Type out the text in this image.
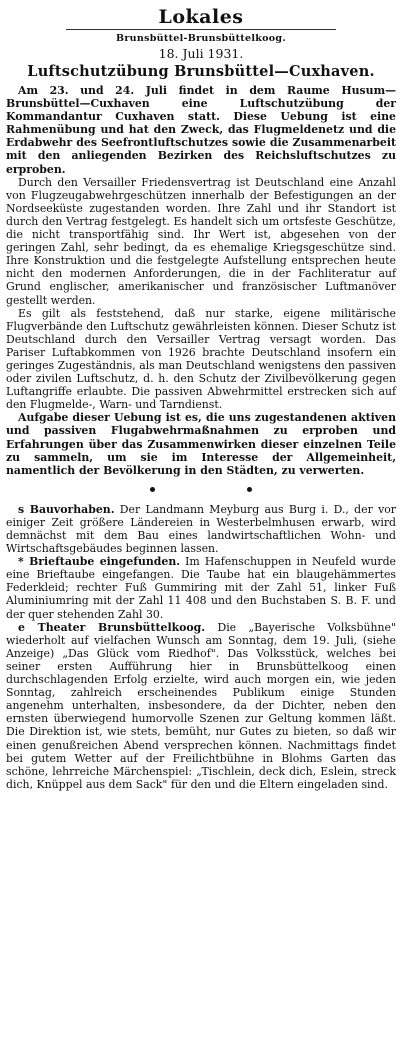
Lokales
Brunsbüttel-Brunsbüttelkoog.
18. Juli 1931.
Luftschutzübung Brunsbüttel—Cuxhaven.

Am 23. und 24. Juli findet in dem Raume Husum—Brunsbüttel—Cuxhaven eine Luftschutzübung der Kommandantur Cuxhaven statt. Diese Uebung ist eine Rahmenübung und hat den Zweck, das Flugmeldenetz und die Erdabwehr des Seefrontluftschutzes sowie die Zusammenarbeit mit den anliegenden Bezirken des Reichsluftschutzes zu erproben.

Durch den Versailler Friedensvertrag ist Deutschland eine Anzahl von Flugzeugabwehrgeschützen innerhalb der Befestigungen an der Nordseeküste zugestanden worden. Ihre Zahl und ihr Standort ist durch den Vertrag festgelegt. Es handelt sich um ortsfeste Geschütze, die nicht transportfähig sind. Ihr Wert ist, abgesehen von der geringen Zahl, sehr bedingt, da es ehemalige Kriegsgeschütze sind. Ihre Konstruktion und die festgelegte Aufstellung entsprechen heute nicht den modernen Anforderungen, die in der Fachliteratur auf Grund englischer, amerikanischer und französischer Luftmanöver gestellt werden.

Es gilt als feststehend, daß nur starke, eigene militärische Flugverbände den Luftschutz gewährleisten können. Dieser Schutz ist Deutschland durch den Versailler Vertrag versagt worden. Das Pariser Luftabkommen von 1926 brachte Deutschland insofern ein geringes Zugeständnis, als man Deutschland wenigstens den passiven oder zivilen Luftschutz, d. h. den Schutz der Zivilbevölkerung gegen Luftangriffe erlaubte. Die passiven Abwehrmittel erstrecken sich auf den Flugmelde-, Warn- und Tarndienst.

Aufgabe dieser Uebung ist es, die uns zugestandenen aktiven und passiven Flugabwehrmaßnahmen zu erproben und Erfahrungen über das Zusammenwirken dieser einzelnen Teile zu sammeln, um sie im Interesse der Allgemeinheit, namentlich der Bevölkerung in den Städten, zu verwerten.

s Bauvorhaben. Der Landmann Meyburg aus Burg i. D., der vor einiger Zeit größere Ländereien in Westerbelmhusen erwarb, wird demnächst mit dem Bau eines landwirtschaftlichen Wohn- und Wirtschaftsgebäudes beginnen lassen.

* Brieftaube eingefunden. Im Hafenschuppen in Neufeld wurde eine Brieftaube eingefangen. Die Taube hat ein blaugehämmertes Federkleid; rechter Fuß Gummiring mit der Zahl 51, linker Fuß Aluminiumring mit der Zahl 11 408 und den Buchstaben S. B. F. und der quer stehenden Zahl 30.

e Theater Brunsbüttelkoog. Die „Bayerische Volksbühne" wiederholt auf vielfachen Wunsch am Sonntag, dem 19. Juli, (siehe Anzeige) „Das Glück vom Riedhof". Das Volksstück, welches bei seiner ersten Aufführung hier in Brunsbüttelkoog einen durchschlagenden Erfolg erzielte, wird auch morgen ein, wie jeden Sonntag, zahlreich erscheinendes Publikum einige Stunden angenehm unterhalten, insbesondere, da der Dichter, neben den ernsten überwiegend humorvolle Szenen zur Geltung kommen läßt. Die Direktion ist, wie stets, bemüht, nur Gutes zu bieten, so daß wir einen genußreichen Abend versprechen können. Nachmittags findet bei gutem Wetter auf der Freilichtbühne in Blohms Garten das schöne, lehrreiche Märchenspiel: „Tischlein, deck dich, Eslein, streck dich, Knüppel aus dem Sack" für den und die Eltern eingeladen sind.
